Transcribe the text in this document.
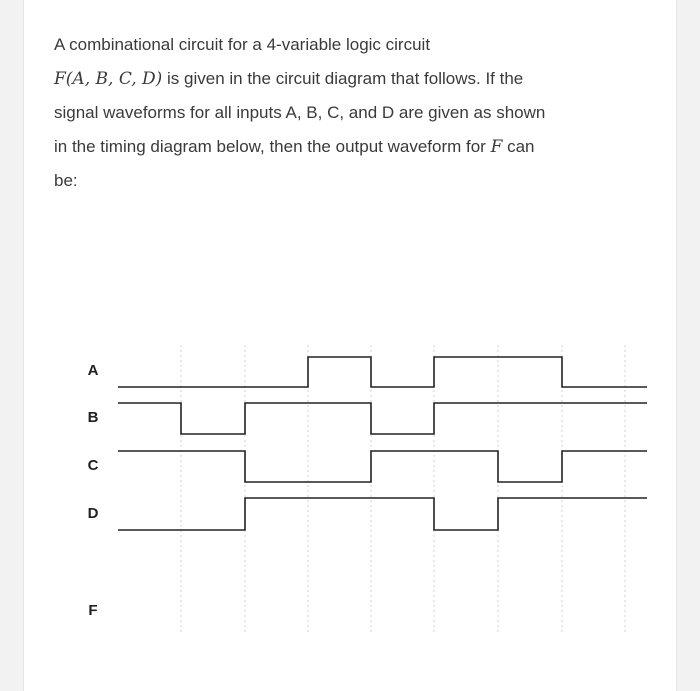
A combinational circuit for a 4-variable logic circuit
F(A, B, C, D) is given in the circuit diagram that follows. If the
signal waveforms for all inputs A, B, C, and D are given as shown
in the timing diagram below, then the output waveform for F can
be:
A
B
C
D
F
